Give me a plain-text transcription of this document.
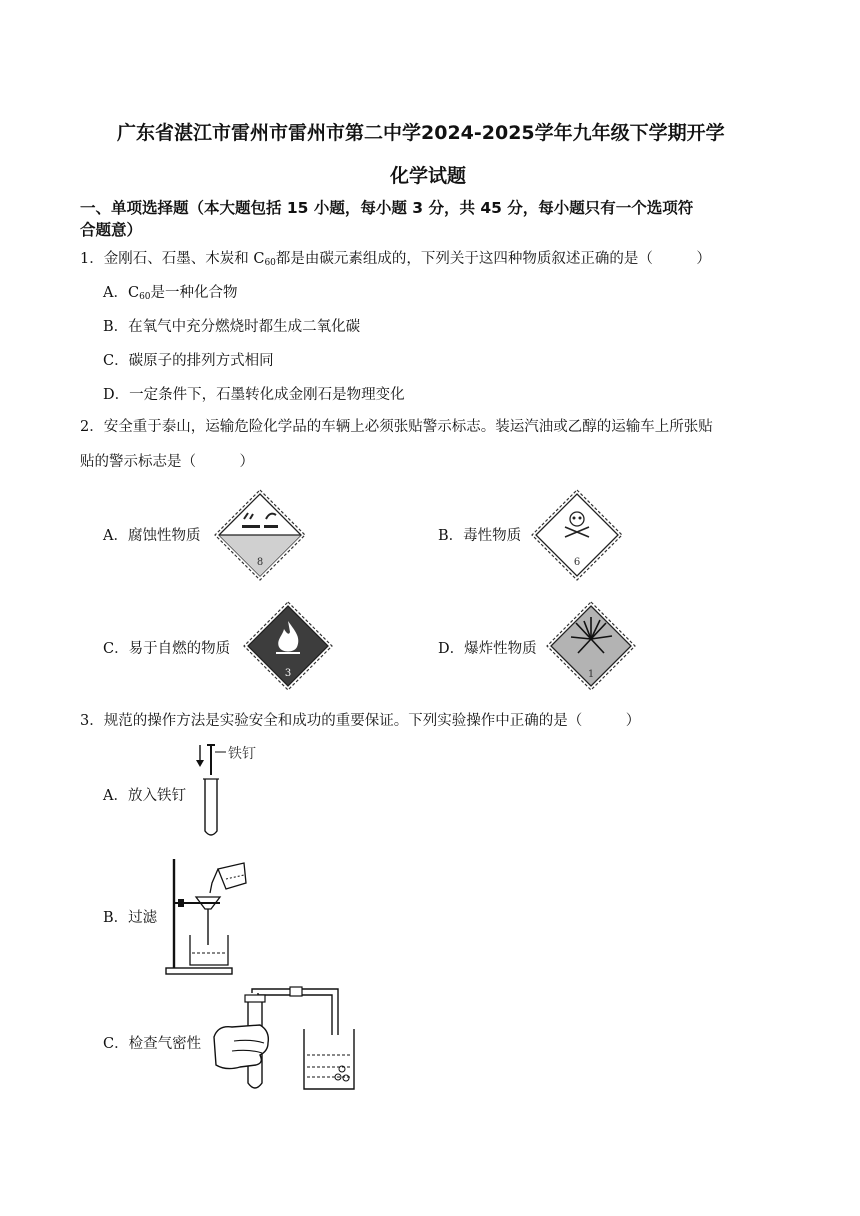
广东省湛江市雷州市雷州市第二中学2024-2025学年九年级下学期开学
化学试题
一、单项选择题（本大题包括 15 小题，每小题 3 分，共 45 分，每小题只有一个选项符
合题意）
1．金刚石、石墨、木炭和 $C_{60}$都是由碳元素组成的，下列关于这四种物质叙述正确的是（　　　）
A．$C_{60}$是一种化合物
B．在氧气中充分燃烧时都生成二氧化碳
C．碳原子的排列方式相同
D．一定条件下，石墨转化成金刚石是物理变化
2．安全重于泰山，运输危险化学品的车辆上必须张贴警示标志。装运汽油或乙醇的运输车上所张贴
贴的警示标志是（　　　）
A．腐蚀性物质
8
B．毒性物质
6
C．易于自燃的物质
3
D．爆炸性物质
1
3．规范的操作方法是实验安全和成功的重要保证。下列实验操作中正确的是（　　　）
A．放入铁钉
铁钉
B．过滤
C．检查气密性
